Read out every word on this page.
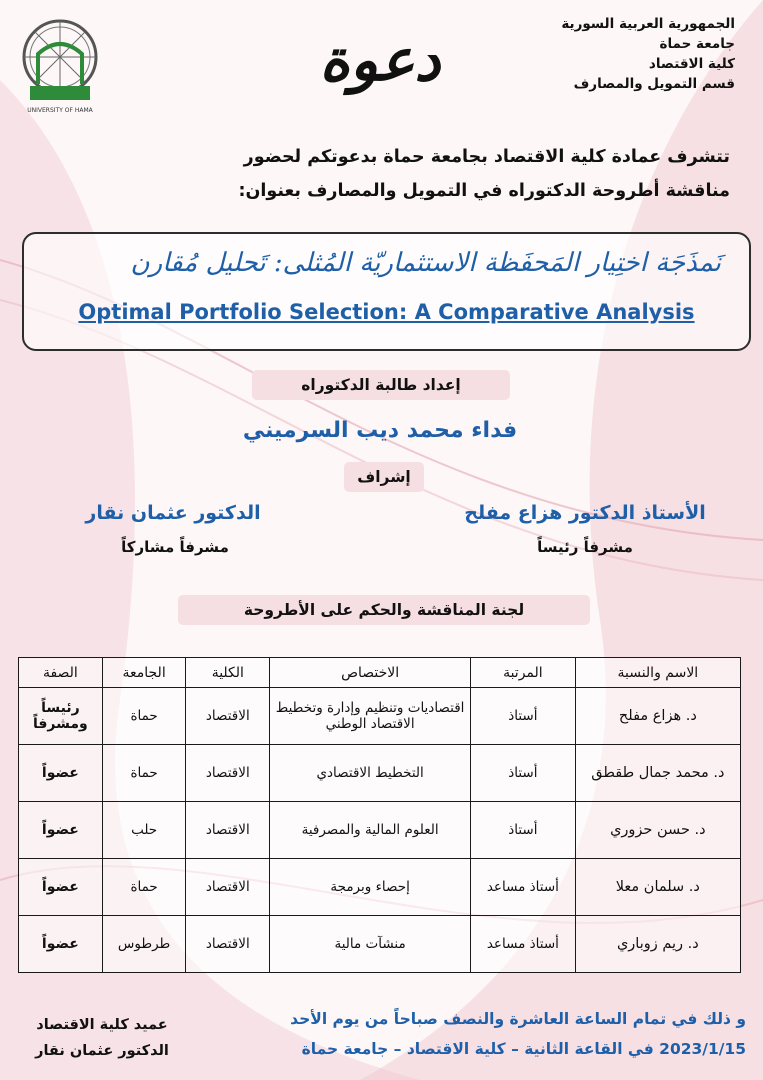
UNIVERSITY OF HAMA
دعوة
الجمهورية العربية السورية
جامعة حماة
كلية الاقتصاد
قسم التمويل والمصارف
تتشرف عمادة كلية الاقتصاد بجامعة حماة بدعوتكم لحضور
مناقشة أطروحة الدكتوراه في التمويل والمصارف بعنوان:
نَمذَجَة اختِيار المَحفَظة الاستثماريّة المُثلى: تَحليل مُقارن
Optimal Portfolio Selection: A Comparative Analysis
إعداد طالبة الدكتوراه
فداء محمد ديب السرميني
إشراف
الأستاذ الدكتور هزاع مفلح
مشرفاً رئيساً
الدكتور عثمان نقار
مشرفاً مشاركاً
لجنة المناقشة والحكم على الأطروحة
الاسم والنسبة	المرتبة	الاختصاص	الكلية	الجامعة	الصفة
د. هزاع مفلح	أستاذ	اقتصاديات وتنظيم وإدارة وتخطيط الاقتصاد الوطني	الاقتصاد	حماة	رئيساً ومشرفاً
د. محمد جمال طقطق	أستاذ	التخطيط الاقتصادي	الاقتصاد	حماة	عضواً
د. حسن حزوري	أستاذ	العلوم المالية والمصرفية	الاقتصاد	حلب	عضواً
د. سلمان معلا	أستاذ مساعد	إحصاء وبرمجة	الاقتصاد	حماة	عضواً
د. ريم زوباري	أستاذ مساعد	منشآت مالية	الاقتصاد	طرطوس	عضواً
و ذلك في تمام الساعة العاشرة والنصف صباحاً من يوم الأحد
2023/1/15 في القاعة الثانية – كلية الاقتصاد – جامعة حماة
عميد كلية الاقتصاد
الدكتور عثمان نقار
